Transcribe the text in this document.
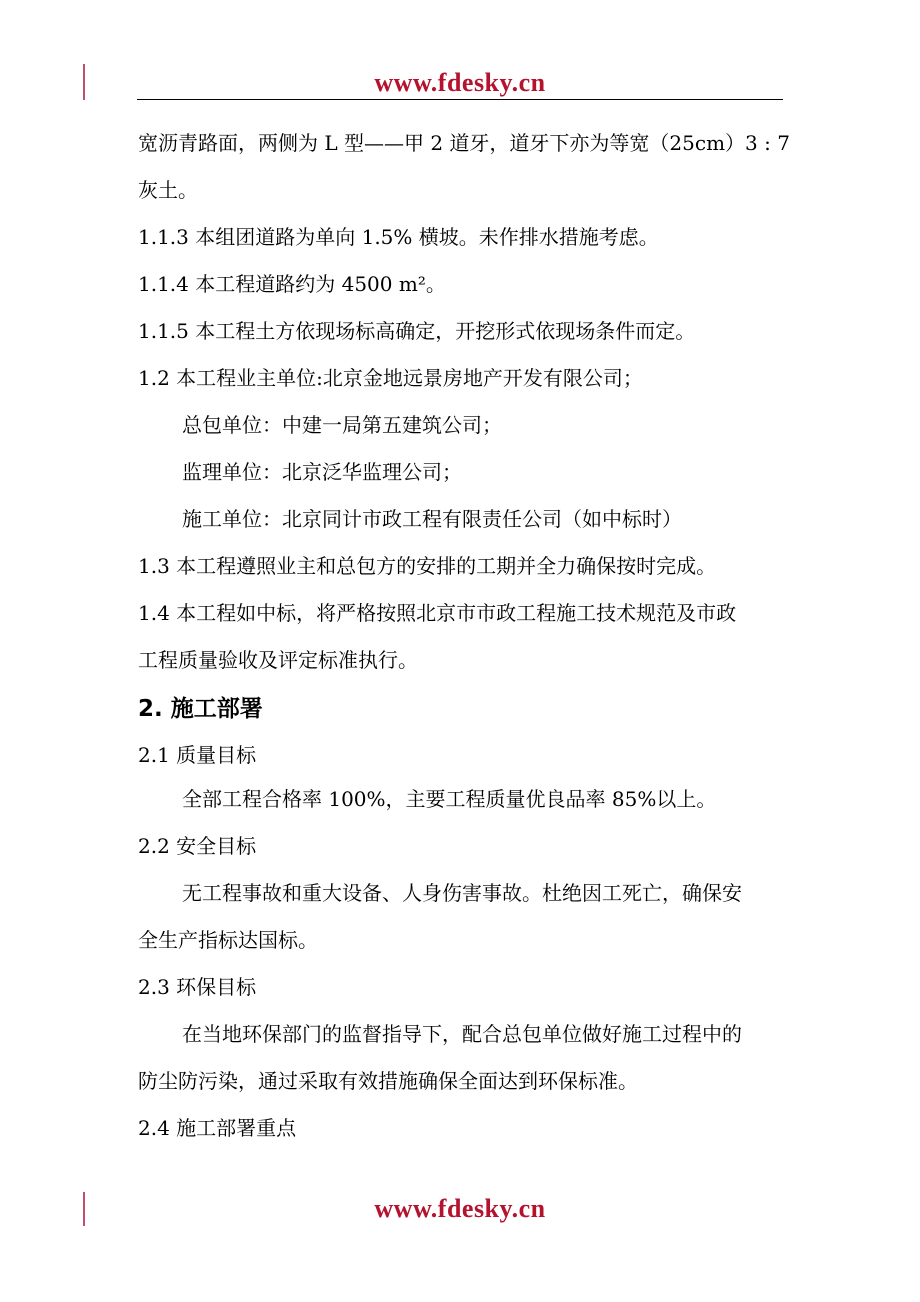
www.fdesky.cn
宽沥青路面，两侧为 L 型——甲 2 道牙，道牙下亦为等宽（25cm）3 : 7
灰土。
1.1.3 本组团道路为单向 1.5% 横坡。未作排水措施考虑。
1.1.4 本工程道路约为 4500 m²。
1.1.5 本工程土方依现场标高确定，开挖形式依现场条件而定。
1.2 本工程业主单位:北京金地远景房地产开发有限公司；
总包单位：中建一局第五建筑公司；
监理单位：北京泛华监理公司；
施工单位：北京同计市政工程有限责任公司（如中标时）
1.3 本工程遵照业主和总包方的安排的工期并全力确保按时完成。
1.4 本工程如中标，将严格按照北京市市政工程施工技术规范及市政
工程质量验收及评定标准执行。
2. 施工部署
2.1 质量目标
全部工程合格率 100%，主要工程质量优良品率 85%以上。
2.2 安全目标
无工程事故和重大设备、人身伤害事故。杜绝因工死亡，确保安
全生产指标达国标。
2.3 环保目标
在当地环保部门的监督指导下，配合总包单位做好施工过程中的
防尘防污染，通过采取有效措施确保全面达到环保标准。
2.4 施工部署重点
www.fdesky.cn
